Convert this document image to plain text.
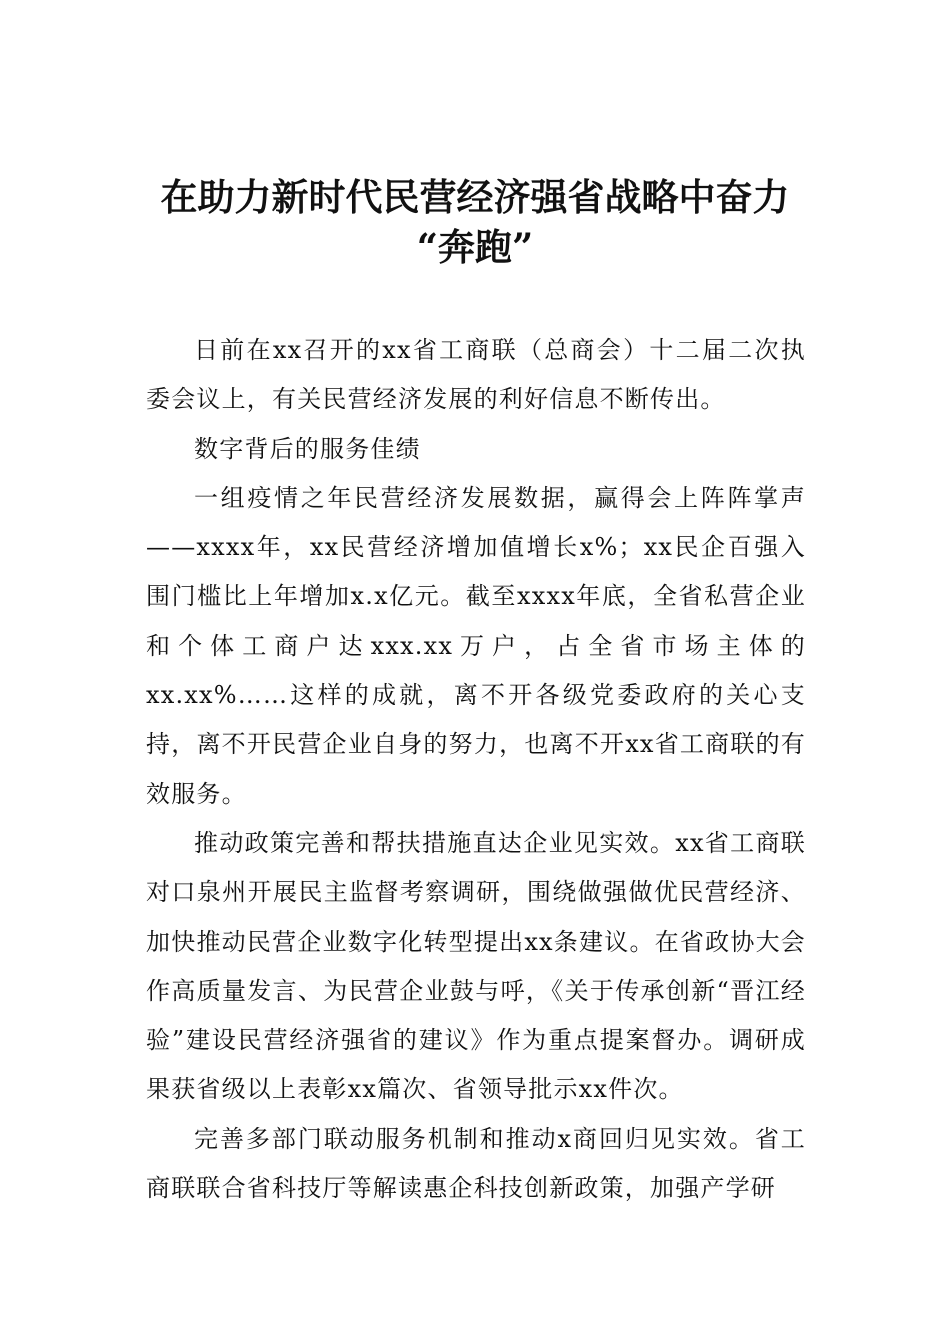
在助力新时代民营经济强省战略中奋力
“奔跑”

日前在xx召开的xx省工商联（总商会）十二届二次执委会议上，有关民营经济发展的利好信息不断传出。

数字背后的服务佳绩

一组疫情之年民营经济发展数据，赢得会上阵阵掌声——xxxx年，xx民营经济增加值增长x%；xx民企百强入围门槛比上年增加x.x亿元。截至xxxx年底，全省私营企业和个体工商户达xxx.xx万户，占全省市场主体的xx.xx%……这样的成就，离不开各级党委政府的关心支持，离不开民营企业自身的努力，也离不开xx省工商联的有效服务。

推动政策完善和帮扶措施直达企业见实效。xx省工商联对口泉州开展民主监督考察调研，围绕做强做优民营经济、加快推动民营企业数字化转型提出xx条建议。在省政协大会作高质量发言、为民营企业鼓与呼，《关于传承创新“晋江经验”建设民营经济强省的建议》作为重点提案督办。调研成果获省级以上表彰xx篇次、省领导批示xx件次。

完善多部门联动服务机制和推动x商回归见实效。省工商联联合省科技厅等解读惠企科技创新政策，加强产学研
